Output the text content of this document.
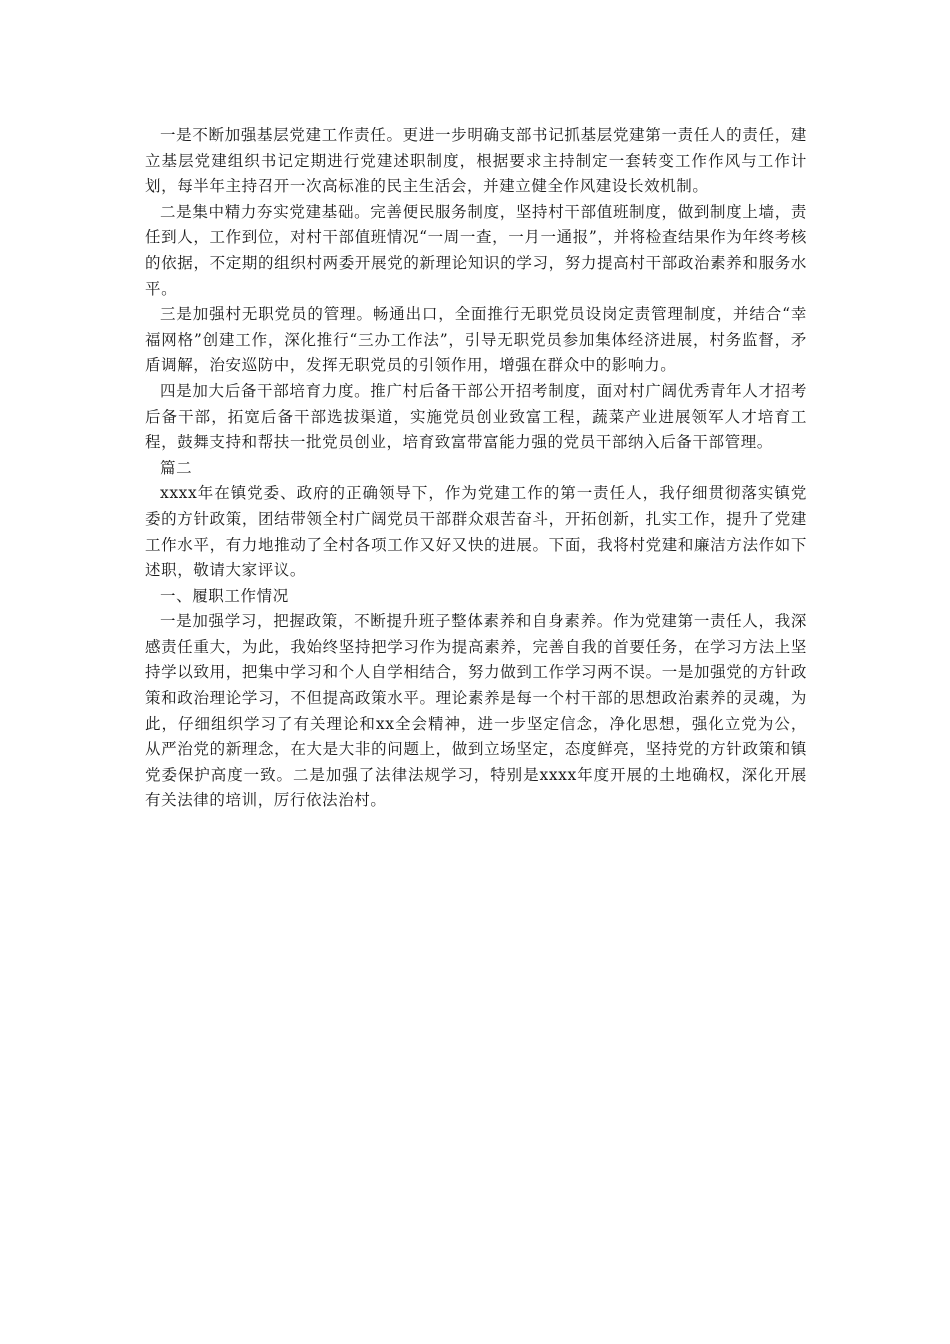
一是不断加强基层党建工作责任。更进一步明确支部书记抓基层党建第一责任人的责任，建立基层党建组织书记定期进行党建述职制度，根据要求主持制定一套转变工作作风与工作计划，每半年主持召开一次高标准的民主生活会，并建立健全作风建设长效机制。

二是集中精力夯实党建基础。完善便民服务制度，坚持村干部值班制度，做到制度上墙，责任到人，工作到位，对村干部值班情况“一周一查，一月一通报”，并将检查结果作为年终考核的依据，不定期的组织村两委开展党的新理论知识的学习，努力提高村干部政治素养和服务水平。

三是加强村无职党员的管理。畅通出口，全面推行无职党员设岗定责管理制度，并结合“幸福网格”创建工作，深化推行“三办工作法”，引导无职党员参加集体经济进展，村务监督，矛盾调解，治安巡防中，发挥无职党员的引领作用，增强在群众中的影响力。

四是加大后备干部培育力度。推广村后备干部公开招考制度，面对村广阔优秀青年人才招考后备干部，拓宽后备干部选拔渠道，实施党员创业致富工程，蔬菜产业进展领军人才培育工程，鼓舞支持和帮扶一批党员创业，培育致富带富能力强的党员干部纳入后备干部管理。

篇二

xxxx年在镇党委、政府的正确领导下，作为党建工作的第一责任人，我仔细贯彻落实镇党委的方针政策，团结带领全村广阔党员干部群众艰苦奋斗，开拓创新，扎实工作，提升了党建工作水平，有力地推动了全村各项工作又好又快的进展。下面，我将村党建和廉洁方法作如下述职，敬请大家评议。

一、履职工作情况

一是加强学习，把握政策，不断提升班子整体素养和自身素养。作为党建第一责任人，我深感责任重大，为此，我始终坚持把学习作为提高素养，完善自我的首要任务，在学习方法上坚持学以致用，把集中学习和个人自学相结合，努力做到工作学习两不误。一是加强党的方针政策和政治理论学习，不但提高政策水平。理论素养是每一个村干部的思想政治素养的灵魂，为此，仔细组织学习了有关理论和xx全会精神，进一步坚定信念，净化思想，强化立党为公，从严治党的新理念，在大是大非的问题上，做到立场坚定，态度鲜亮，坚持党的方针政策和镇党委保护高度一致。二是加强了法律法规学习，特别是xxxx年度开展的土地确权，深化开展有关法律的培训，厉行依法治村。
